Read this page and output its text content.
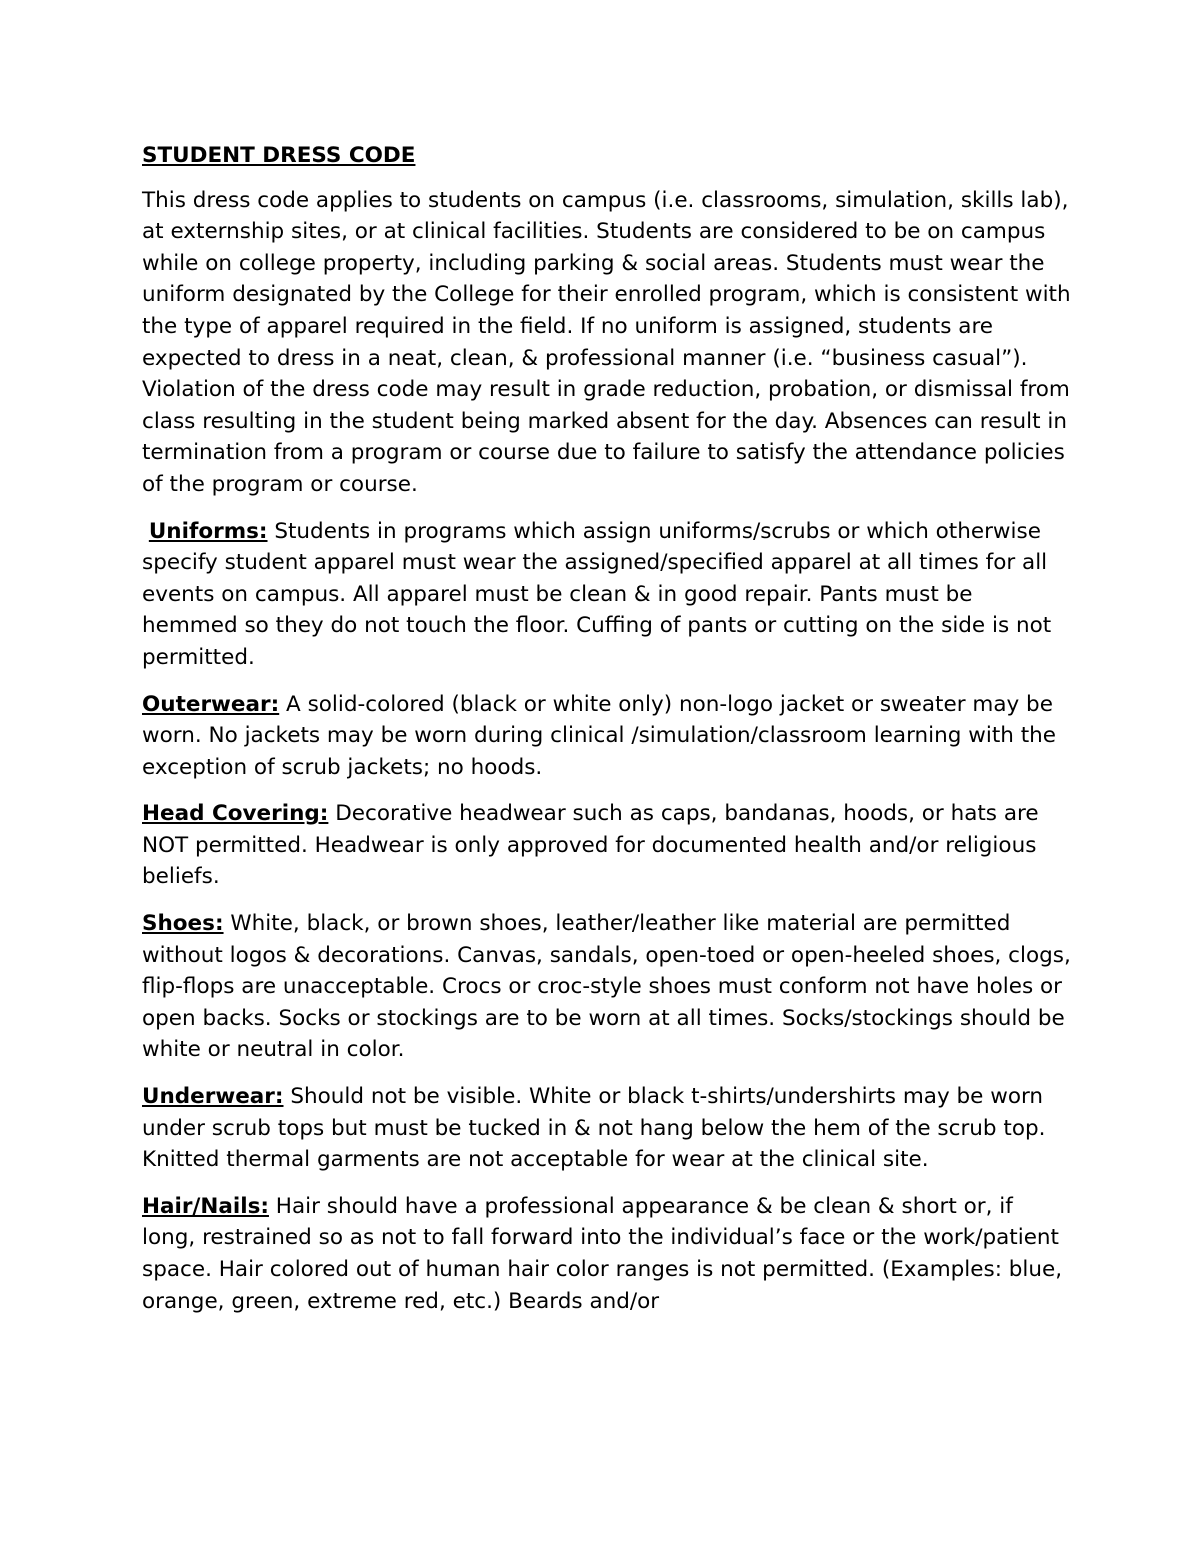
STUDENT DRESS CODE

This dress code applies to students on campus (i.e. classrooms, simulation, skills lab), at externship sites, or at clinical facilities. Students are considered to be on campus while on college property, including parking & social areas. Students must wear the uniform designated by the College for their enrolled program, which is consistent with the type of apparel required in the field. If no uniform is assigned, students are expected to dress in a neat, clean, & professional manner (i.e. “business casual”). Violation of the dress code may result in grade reduction, probation, or dismissal from class resulting in the student being marked absent for the day. Absences can result in termination from a program or course due to failure to satisfy the attendance policies of the program or course.

Uniforms: Students in programs which assign uniforms/scrubs or which otherwise specify student apparel must wear the assigned/specified apparel at all times for all events on campus. All apparel must be clean & in good repair. Pants must be hemmed so they do not touch the floor. Cuffing of pants or cutting on the side is not permitted.

Outerwear: A solid-colored (black or white only) non-logo jacket or sweater may be worn. No jackets may be worn during clinical /simulation/classroom learning with the exception of scrub jackets; no hoods.

Head Covering: Decorative headwear such as caps, bandanas, hoods, or hats are NOT permitted. Headwear is only approved for documented health and/or religious beliefs.

Shoes: White, black, or brown shoes, leather/leather like material are permitted without logos & decorations. Canvas, sandals, open-toed or open-heeled shoes, clogs, flip-flops are unacceptable. Crocs or croc-style shoes must conform not have holes or open backs. Socks or stockings are to be worn at all times. Socks/stockings should be white or neutral in color.

Underwear: Should not be visible. White or black t-shirts/undershirts may be worn under scrub tops but must be tucked in & not hang below the hem of the scrub top. Knitted thermal garments are not acceptable for wear at the clinical site.

Hair/Nails: Hair should have a professional appearance & be clean & short or, if long, restrained so as not to fall forward into the individual’s face or the work/patient space. Hair colored out of human hair color ranges is not permitted. (Examples: blue, orange, green, extreme red, etc.) Beards and/or
